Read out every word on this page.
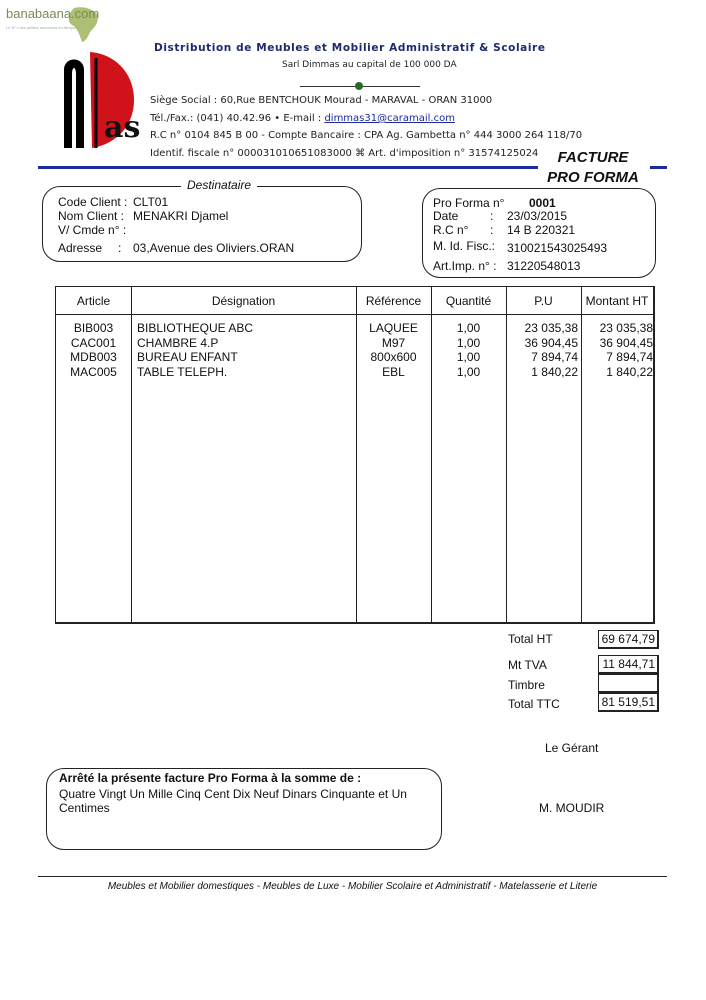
banabaana.com
Le N°1 des petites annonces en Afrique
as
Distribution de Meubles et Mobilier Administratif & Scolaire
Sarl Dimmas au capital de 100 000 DA
Siège Social : 60,Rue BENTCHOUK Mourad - MARAVAL - ORAN 31000
Tél./Fax.: (041) 40.42.96 • E-mail : dimmas31@caramail.com
R.C n° 0104 845 B 00 - Compte Bancaire : CPA Ag. Gambetta n° 444 3000 264 118/70
Identif. fiscale n° 000031010651083000 ⌘ Art. d'imposition n° 31574125024	FACTURE
PRO FORMA
Destinataire
Code Client : CLT01
Nom Client : MENAKRI Djamel
V/ Cmde n° :
Adresse : 03,Avenue des Oliviers.ORAN
Pro Forma n° 0001
Date	: 23/03/2015
R.C n° : 14 B 220321
M. Id. Fisc.: 310021543025493
Art.Imp. n° : 31220548013
Article	Désignation	Référence	Quantité	P.U	Montant HT
BIB003	BIBLIOTHEQUE ABC	LAQUEE	1,00	23 035,38	23 035,38
CAC001	CHAMBRE 4.P	M97	1,00	36 904,45	36 904,45
MDB003	BUREAU ENFANT	800x600	1,00	7 894,74	7 894,74
MAC005	TABLE TELEPH.	EBL	1,00	1 840,22	1 840,22
Total HT	69 674,79
Mt TVA	11 844,71
Timbre
Total TTC	81 519,51
Le Gérant
M. MOUDIR
Arrêté la présente facture Pro Forma à la somme de :
Quatre Vingt Un Mille Cinq Cent Dix Neuf Dinars Cinquante et Un Centimes
Meubles et Mobilier domestiques - Meubles de Luxe - Mobilier Scolaire et Administratif - Matelasserie et Literie
